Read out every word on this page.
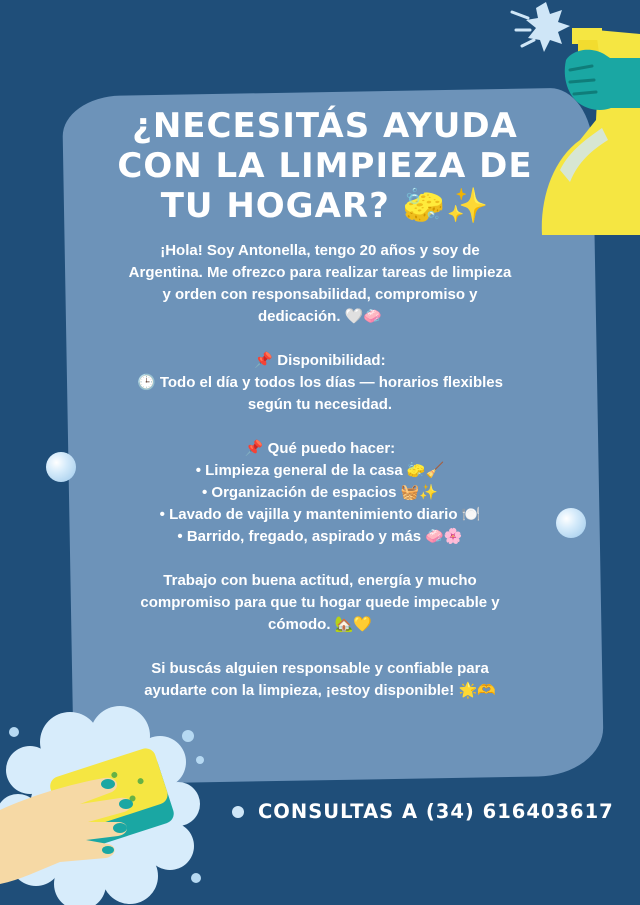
¿NECESITÁS AYUDA
CON LA LIMPIEZA DE
TU HOGAR? 🧽✨

¡Hola! Soy Antonella, tengo 20 años y soy de
Argentina. Me ofrezco para realizar tareas de limpieza
y orden con responsabilidad, compromiso y
dedicación. 🤍🧼

📌 Disponibilidad:
🕒 Todo el día y todos los días — horarios flexibles
según tu necesidad.

📌 Qué puedo hacer:
• Limpieza general de la casa 🧽🧹
• Organización de espacios 🧺✨
• Lavado de vajilla y mantenimiento diario 🍽️
• Barrido, fregado, aspirado y más 🧼🌸

Trabajo con buena actitud, energía y mucho
compromiso para que tu hogar quede impecable y
cómodo. 🏡💛

Si buscás alguien responsable y confiable para
ayudarte con la limpieza, ¡estoy disponible! 🌟🫶

CONSULTAS A (34) 616403617
